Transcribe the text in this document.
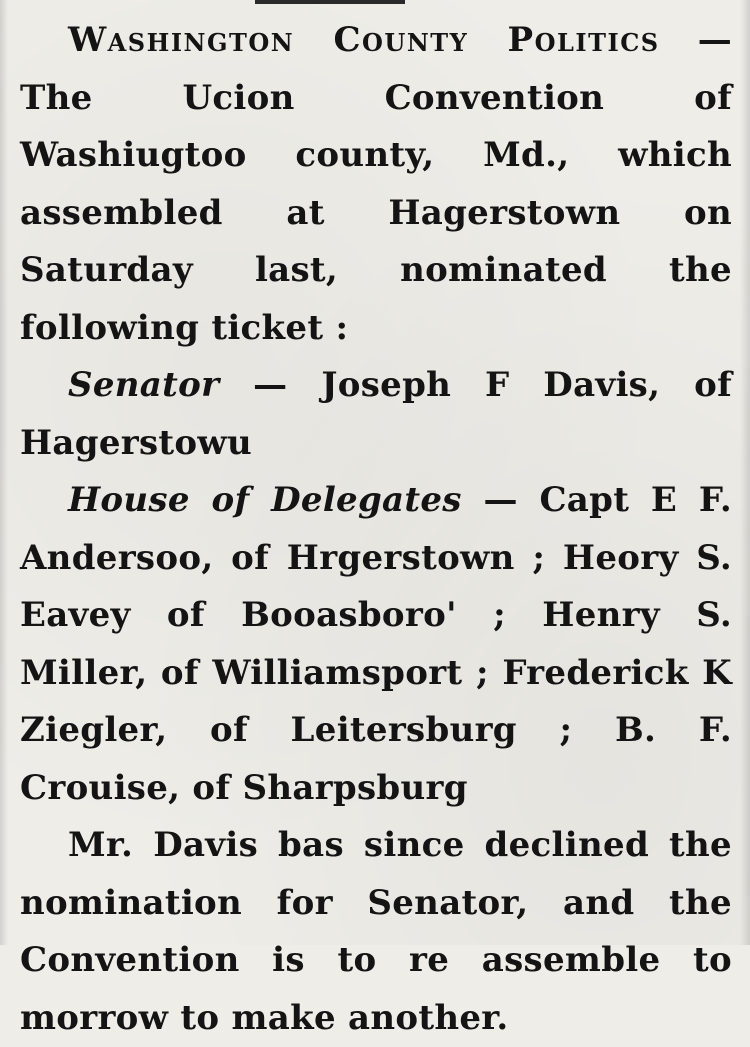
Washington County Politics — The Ucion Convention of Washiugtoo county, Md., which assembled at Hagerstown on Saturday last, nominated the following ticket :

Senator — Joseph F Davis, of Hagerstowu

House of Delegates — Capt E F. Andersoo, of Hrgerstown ; Heory S. Eavey of Booasboro' ; Henry S. Miller, of Williamsport ; Frederick K Ziegler, of Leitersburg ; B. F. Crouise, of Sharpsburg

Mr. Davis bas since declined the nomination for Senator, and the Convention is to re assemble to morrow to make another.
